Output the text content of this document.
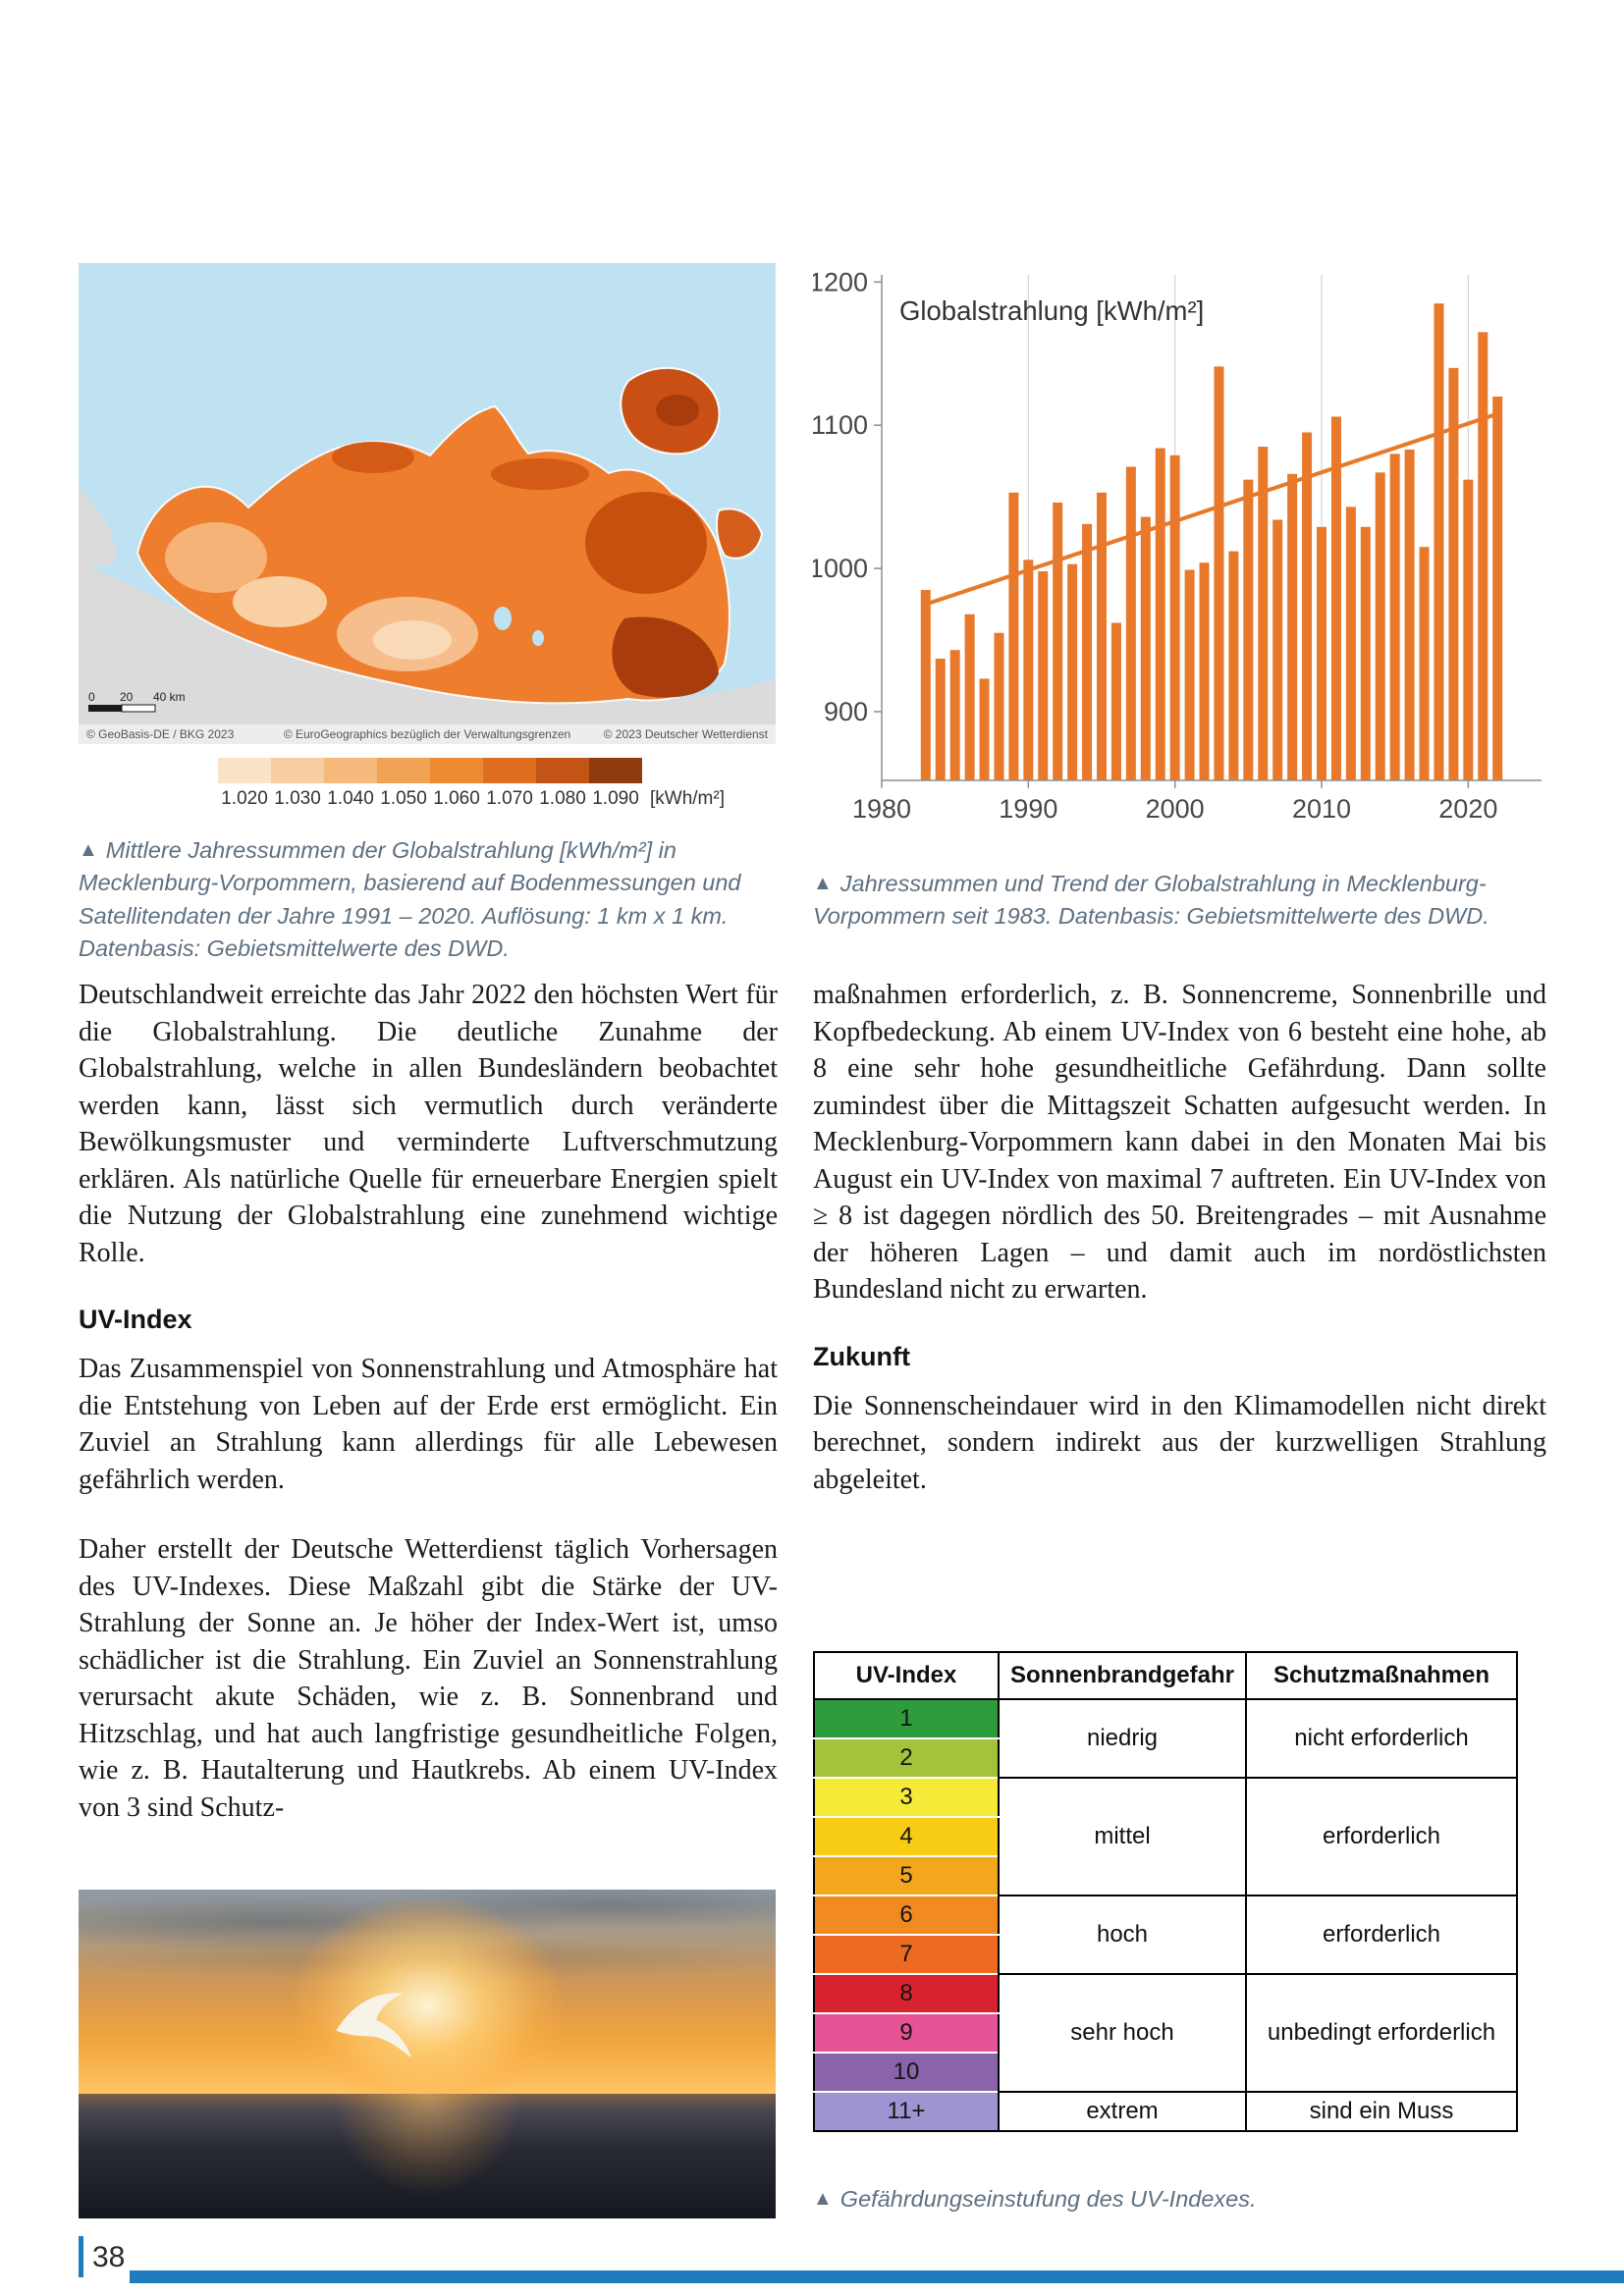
0 20 40 km
© GeoBasis-DE / BKG 2023	© EuroGeographics bezüglich der Verwaltungsgrenzen	© 2023 Deutscher Wetterdienst
1.020 1.030 1.040 1.050 1.060 1.070 1.080 1.090 [kWh/m²]
▲ Mittlere Jahressummen der Globalstrahlung [kWh/m²] in Mecklenburg-Vorpommern, basierend auf Bodenmessungen und Satellitendaten der Jahre 1991 – 2020. Auflösung: 1 km x 1 km. Datenbasis: Gebietsmittelwerte des DWD.
900
1000
1100
1200
1980	1990	2000	2010	2020
Globalstrahlung [kWh/m²]
▲ Jahressummen und Trend der Globalstrahlung in Mecklenburg-Vorpommern seit 1983. Datenbasis: Gebietsmittelwerte des DWD.

Deutschlandweit erreichte das Jahr 2022 den höchsten Wert für die Globalstrahlung. Die deutliche Zunahme der Globalstrahlung, welche in allen Bundesländern beobachtet werden kann, lässt sich vermutlich durch veränderte Bewölkungsmuster und verminderte Luftverschmutzung erklären. Als natürliche Quelle für erneuerbare Energien spielt die Nutzung der Globalstrahlung eine zunehmend wichtige Rolle.

UV-Index

Das Zusammenspiel von Sonnenstrahlung und Atmosphäre hat die Entstehung von Leben auf der Erde erst ermöglicht. Ein Zuviel an Strahlung kann allerdings für alle Lebewesen gefährlich werden.

Daher erstellt der Deutsche Wetterdienst täglich Vorhersagen des UV-Indexes. Diese Maßzahl gibt die Stärke der UV-Strahlung der Sonne an. Je höher der Index-Wert ist, umso schädlicher ist die Strahlung. Ein Zuviel an Sonnenstrahlung verursacht akute Schäden, wie z. B. Sonnenbrand und Hitzschlag, und hat auch langfristige gesundheitliche Folgen, wie z. B. Hautalterung und Hautkrebs. Ab einem UV-Index von 3 sind Schutz-

maßnahmen erforderlich, z. B. Sonnencreme, Sonnenbrille und Kopfbedeckung. Ab einem UV-Index von 6 besteht eine hohe, ab 8 eine sehr hohe gesundheitliche Gefährdung. Dann sollte zumindest über die Mittagszeit Schatten aufgesucht werden. In Mecklenburg-Vorpommern kann dabei in den Monaten Mai bis August ein UV-Index von maximal 7 auftreten. Ein UV-Index von ≥ 8 ist dagegen nördlich des 50. Breitengrades – mit Ausnahme der höheren Lagen – und damit auch im nordöstlichsten Bundesland nicht zu erwarten.

Zukunft

Die Sonnenscheindauer wird in den Klimamodellen nicht direkt berechnet, sondern indirekt aus der kurzwelligen Strahlung abgeleitet.

UV-Index	Sonnenbrandgefahr	Schutzmaßnahmen
1	niedrig	nicht erforderlich
2		
3	mittel	erforderlich
4		
5		
6	hoch	erforderlich
7		
8	sehr hoch	unbedingt erforderlich
9		
10		
11+	extrem	sind ein Muss
▲ Gefährdungseinstufung des UV-Indexes.
38
